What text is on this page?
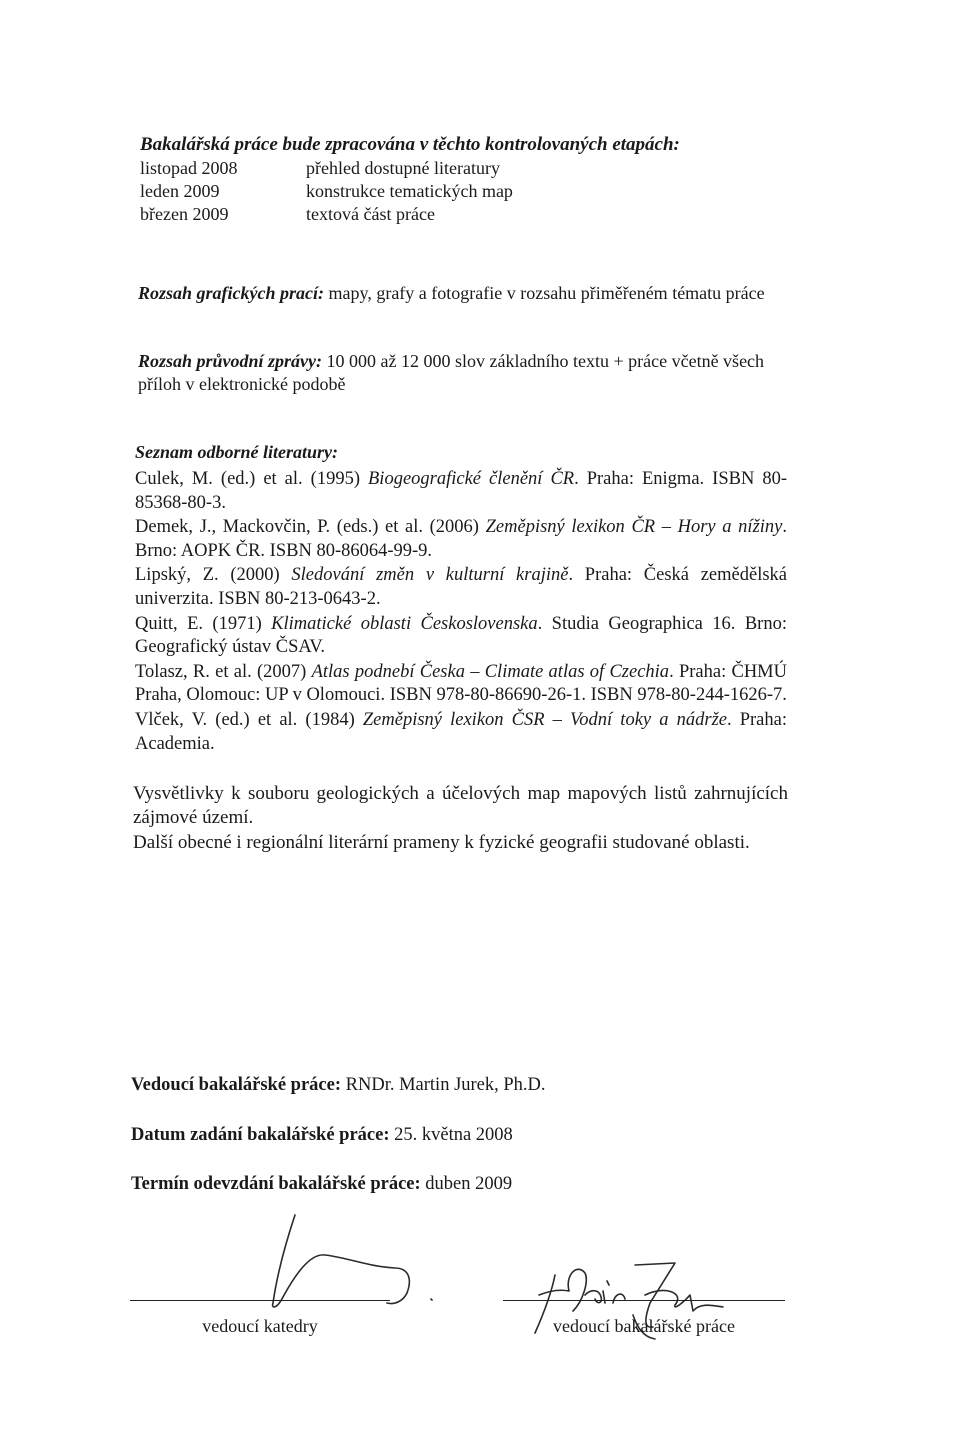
Bakalářská práce bude zpracována v těchto kontrolovaných etapách:
listopad 2008	přehled dostupné literatury
leden 2009	konstrukce tematických map
březen 2009	textová část práce
Rozsah grafických prací: mapy, grafy a fotografie v rozsahu přiměřeném tématu práce
Rozsah průvodní zprávy: 10 000 až 12 000 slov základního textu + práce včetně všech příloh v elektronické podobě
Seznam odborné literatury:
Culek, M. (ed.) et al. (1995) Biogeografické členění ČR. Praha: Enigma. ISBN 80-85368-80-3.
Demek, J., Mackovčin, P. (eds.) et al. (2006) Zeměpisný lexikon ČR – Hory a nížiny. Brno: AOPK ČR. ISBN 80-86064-99-9.
Lipský, Z. (2000) Sledování změn v kulturní krajině. Praha: Česká zemědělská univerzita. ISBN 80-213-0643-2.
Quitt, E. (1971) Klimatické oblasti Československa. Studia Geographica 16. Brno: Geografický ústav ČSAV.
Tolasz, R. et al. (2007) Atlas podnebí Česka – Climate atlas of Czechia. Praha: ČHMÚ Praha, Olomouc: UP v Olomouci. ISBN 978-80-86690-26-1. ISBN 978-80-244-1626-7.
Vlček, V. (ed.) et al. (1984) Zeměpisný lexikon ČSR – Vodní toky a nádrže. Praha: Academia.

Vysvětlivky k souboru geologických a účelových map mapových listů zahrnujících zájmové území.

Další obecné i regionální literární prameny k fyzické geografii studované oblasti.

Vedoucí bakalářské práce: RNDr. Martin Jurek, Ph.D.
Datum zadání bakalářské práce: 25. května 2008
Termín odevzdání bakalářské práce: duben 2009
vedoucí katedry	vedoucí bakalářské práce
